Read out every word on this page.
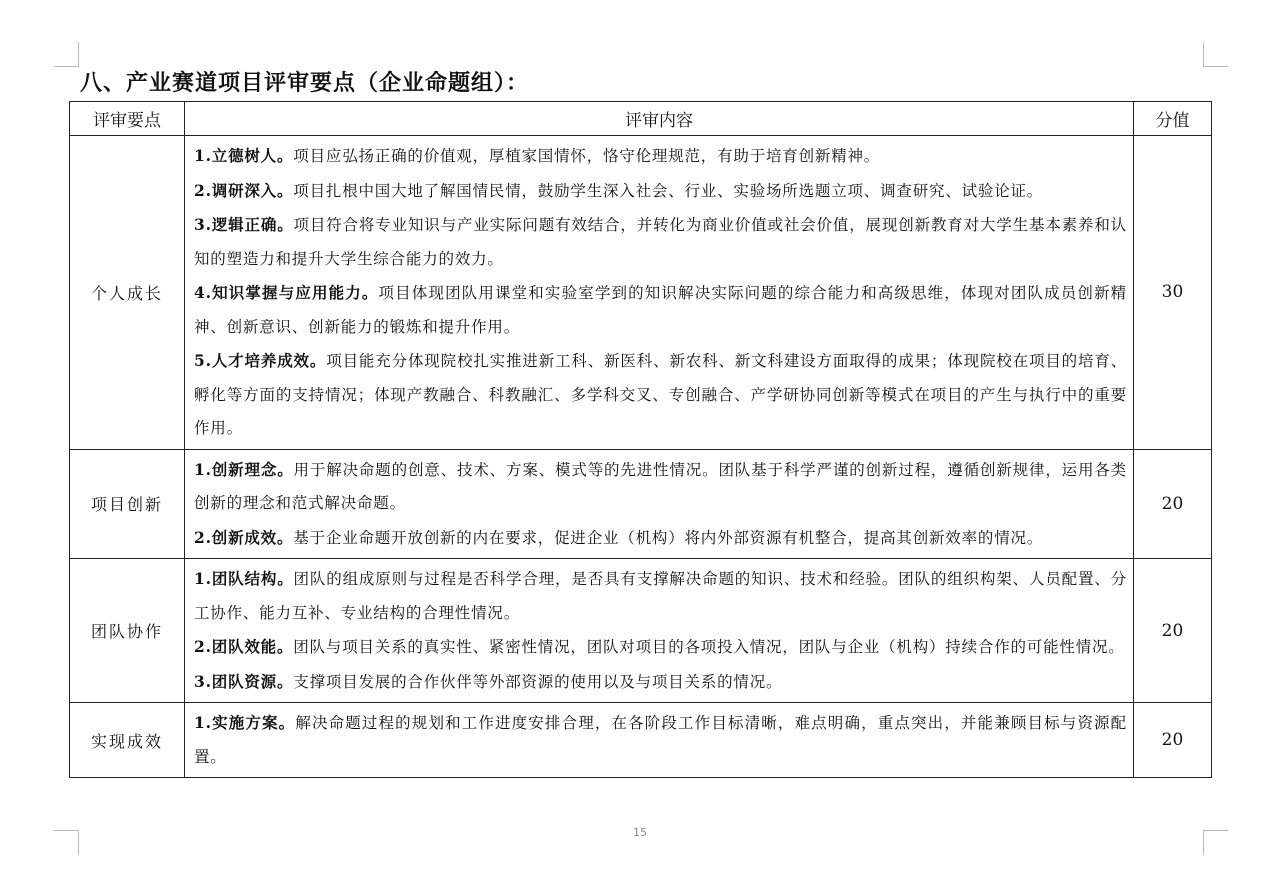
八、产业赛道项目评审要点（企业命题组）：
评审要点	评审内容	分值
个人成长	1.立德树人。项目应弘扬正确的价值观，厚植家国情怀，恪守伦理规范，有助于培育创新精神。
2.调研深入。项目扎根中国大地了解国情民情，鼓励学生深入社会、行业、实验场所选题立项、调查研究、试验论证。
3.逻辑正确。项目符合将专业知识与产业实际问题有效结合，并转化为商业价值或社会价值，展现创新教育对大学生基本素养和认知的塑造力和提升大学生综合能力的效力。
4.知识掌握与应用能力。项目体现团队用课堂和实验室学到的知识解决实际问题的综合能力和高级思维，体现对团队成员创新精神、创新意识、创新能力的锻炼和提升作用。
5.人才培养成效。项目能充分体现院校扎实推进新工科、新医科、新农科、新文科建设方面取得的成果；体现院校在项目的培育、孵化等方面的支持情况；体现产教融合、科教融汇、多学科交叉、专创融合、产学研协同创新等模式在项目的产生与执行中的重要作用。	30
项目创新	1.创新理念。用于解决命题的创意、技术、方案、模式等的先进性情况。团队基于科学严谨的创新过程，遵循创新规律，运用各类创新的理念和范式解决命题。
2.创新成效。基于企业命题开放创新的内在要求，促进企业（机构）将内外部资源有机整合，提高其创新效率的情况。	20
团队协作	1.团队结构。团队的组成原则与过程是否科学合理，是否具有支撑解决命题的知识、技术和经验。团队的组织构架、人员配置、分工协作、能力互补、专业结构的合理性情况。
2.团队效能。团队与项目关系的真实性、紧密性情况，团队对项目的各项投入情况，团队与企业（机构）持续合作的可能性情况。
3.团队资源。支撑项目发展的合作伙伴等外部资源的使用以及与项目关系的情况。	20
实现成效	1.实施方案。解决命题过程的规划和工作进度安排合理，在各阶段工作目标清晰，难点明确，重点突出，并能兼顾目标与资源配置。	20
15
